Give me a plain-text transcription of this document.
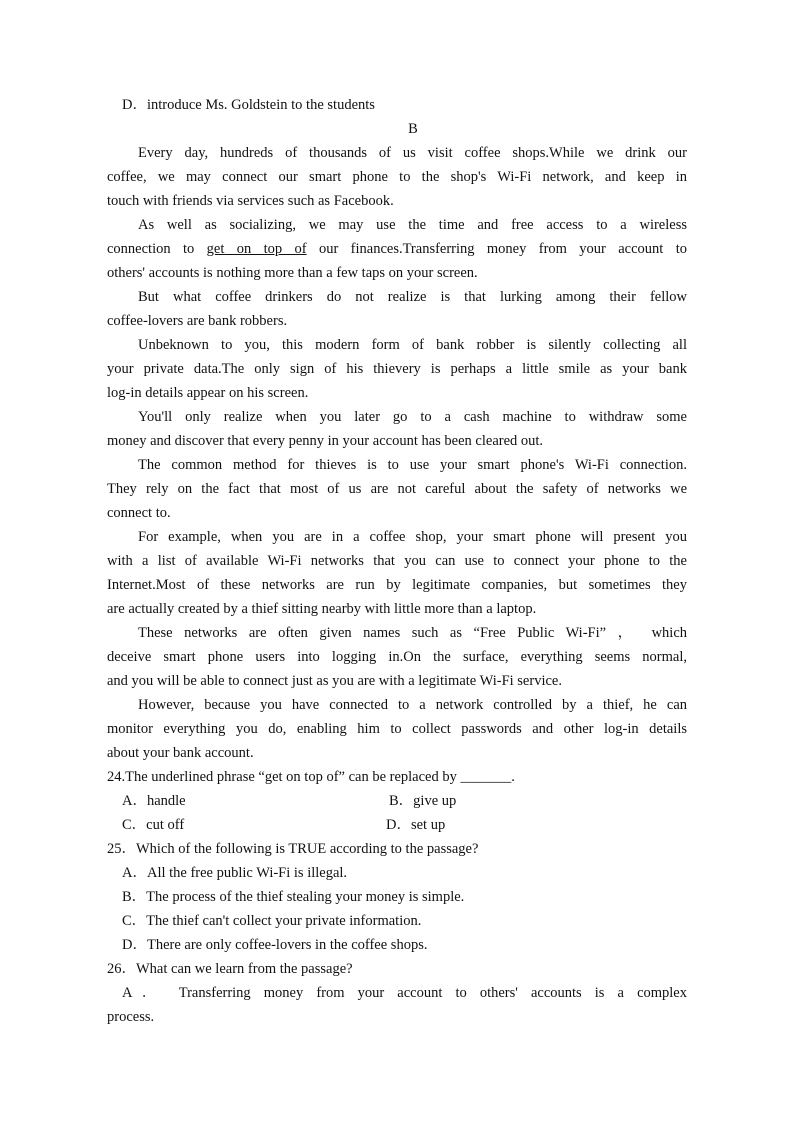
D．introduce Ms. Goldstein to the students
B
Every day, hundreds of thousands of us visit coffee shops.While we drink our
coffee, we may connect our smart phone to the shop's Wi-Fi network, and keep in
touch with friends via services such as Facebook.
As well as socializing, we may use the time and free access to a wireless
connection to get on top of our finances.Transferring money from your account to
others' accounts is nothing more than a few taps on your screen.
But what coffee drinkers do not realize is that lurking among their fellow
coffee-lovers are bank robbers.
Unbeknown to you, this modern form of bank robber is silently collecting all
your private data.The only sign of his thievery is perhaps a little smile as your bank
log-in details appear on his screen.
You'll only realize when you later go to a cash machine to withdraw some
money and discover that every penny in your account has been cleared out.
The common method for thieves is to use your smart phone's Wi-Fi connection.
They rely on the fact that most of us are not careful about the safety of networks we
connect to.
For example, when you are in a coffee shop, your smart phone will present you
with a list of available Wi-Fi networks that you can use to connect your phone to the
Internet.Most of these networks are run by legitimate companies, but sometimes they
are actually created by a thief sitting nearby with little more than a laptop.
These networks are often given names such as “Free Public Wi-Fi” ， which
deceive smart phone users into logging in.On the surface, everything seems normal,
and you will be able to connect just as you are with a legitimate Wi-Fi service.
However, because you have connected to a network controlled by a thief, he can
monitor everything you do, enabling him to collect passwords and other log-in details
about your bank account.
24.The underlined phrase “get on top of” can be replaced by _______.
A．handle	B．give up
C．cut off	D．set up
25．Which of the following is TRUE according to the passage?
A．All the free public Wi-Fi is illegal.
B．The process of the thief stealing your money is simple.
C．The thief can't collect your private information.
D．There are only coffee-lovers in the coffee shops.
26．What can we learn from the passage?
A． Transferring money from your account to others' accounts is a complex
process.
